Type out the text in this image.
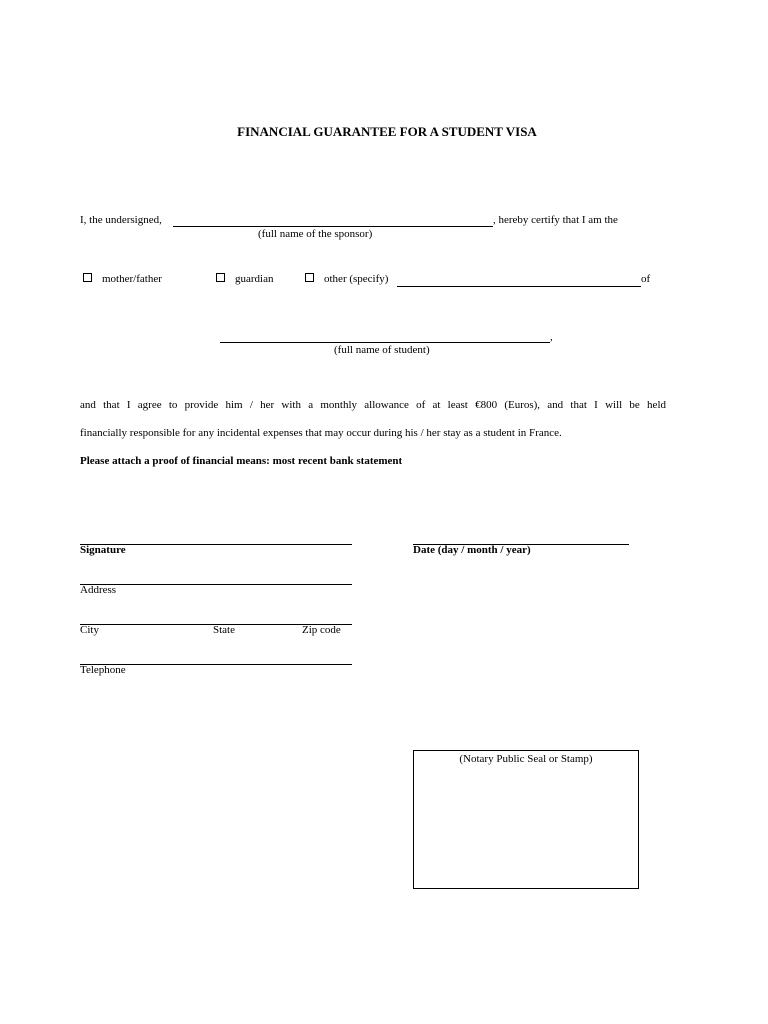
FINANCIAL GUARANTEE FOR A STUDENT VISA
I, the undersigned,	, hereby certify that I am the
(full name of the sponsor)
mother/father	guardian	other (specify)	of
,
(full name of student)
and that I agree to provide him / her with a monthly allowance of at least €800 (Euros), and that I will be held
financially responsible for any incidental expenses that may occur during his / her stay as a student in France.
Please attach a proof of financial means: most recent bank statement
Signature	Date (day / month / year)
Address
City	State	Zip code
Telephone
(Notary Public Seal or Stamp)
